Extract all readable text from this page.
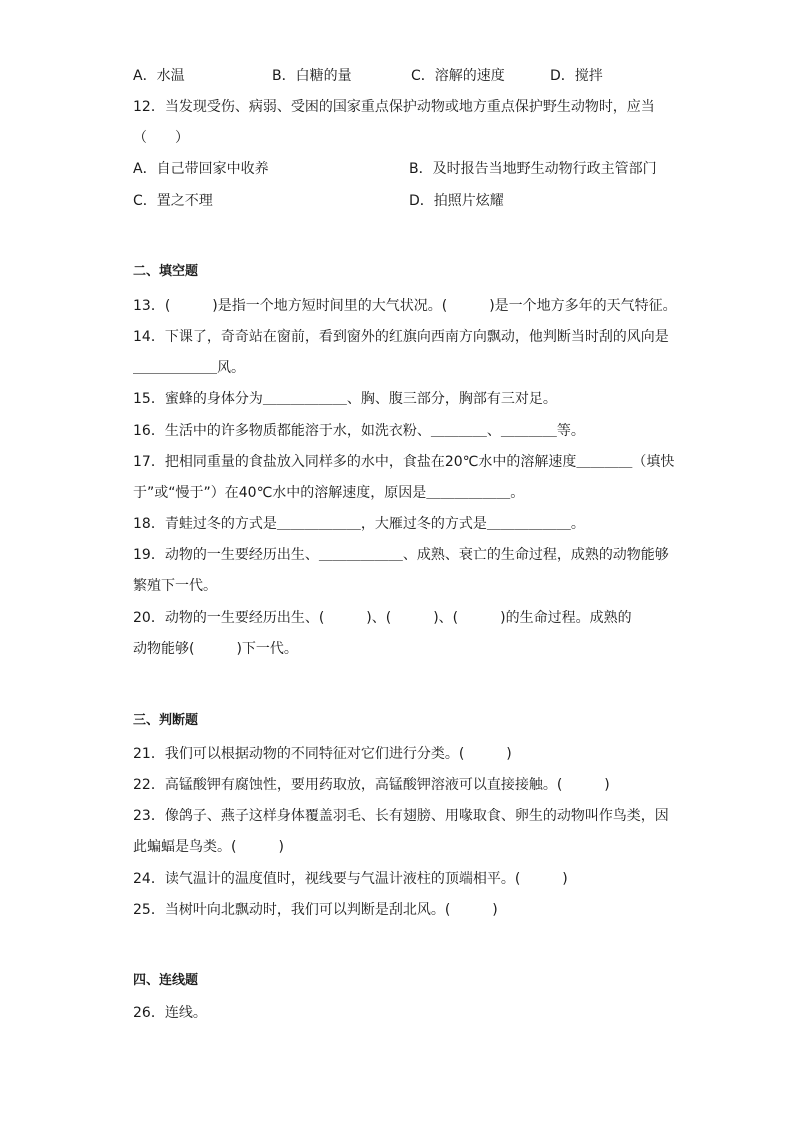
A．水温	B．白糖的量	C．溶解的速度	D．搅拌
12．当发现受伤、病弱、受困的国家重点保护动物或地方重点保护野生动物时，应当
（　　）
A．自己带回家中收养	B．及时报告当地野生动物行政主管部门
C．置之不理	D．拍照片炫耀
二、填空题
13．(　　　)是指一个地方短时间里的大气状况。(　　　)是一个地方多年的天气特征。
14．下课了，奇奇站在窗前，看到窗外的红旗向西南方向飘动，他判断当时刮的风向是
＿＿＿＿＿＿风。
15．蜜蜂的身体分为＿＿＿＿＿＿、胸、腹三部分，胸部有三对足。
16．生活中的许多物质都能溶于水，如洗衣粉、＿＿＿＿、＿＿＿＿等。
17．把相同重量的食盐放入同样多的水中，食盐在20℃水中的溶解速度＿＿＿＿（填快
于”或“慢于”）在40℃水中的溶解速度，原因是＿＿＿＿＿＿。
18．青蛙过冬的方式是＿＿＿＿＿＿，大雁过冬的方式是＿＿＿＿＿＿。
19．动物的一生要经历出生、＿＿＿＿＿＿、成熟、衰亡的生命过程，成熟的动物能够
繁殖下一代。
20．动物的一生要经历出生、(　　　)、(　　　)、(　　　)的生命过程。成熟的
动物能够(　　　)下一代。
三、判断题
21．我们可以根据动物的不同特征对它们进行分类。(　　　)
22．高锰酸钾有腐蚀性，要用药取放，高锰酸钾溶液可以直接接触。(　　　)
23．像鸽子、燕子这样身体覆盖羽毛、长有翅膀、用喙取食、卵生的动物叫作鸟类，因
此蝙蝠是鸟类。(　　　)
24．读气温计的温度值时，视线要与气温计液柱的顶端相平。(　　　)
25．当树叶向北飘动时，我们可以判断是刮北风。(　　　)
四、连线题
26．连线。
